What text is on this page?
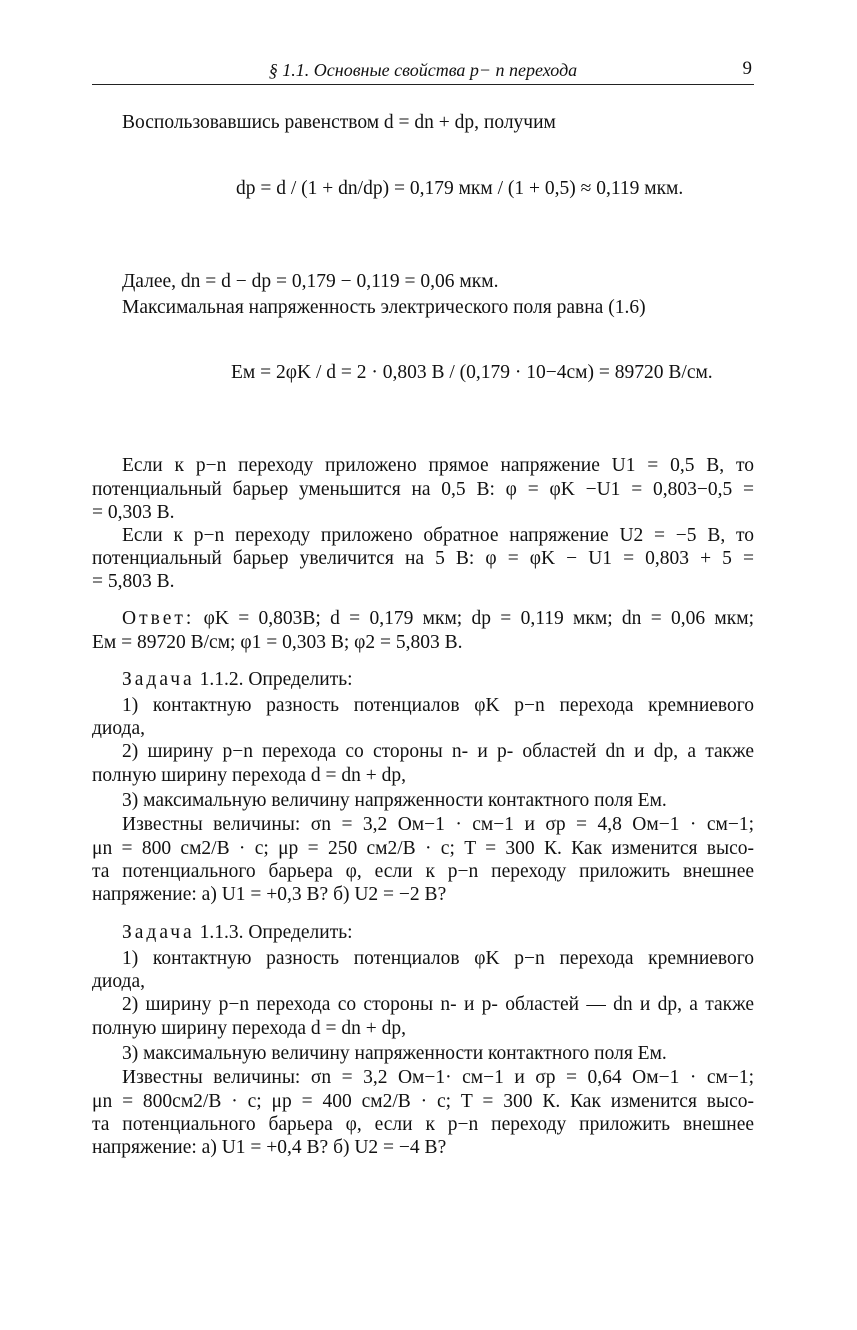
§ 1.1. Основные свойства p− n перехода	9
Воспользовавшись равенством d = dn + dp, получим
dp = d / (1 + dn/dp) = 0,179 мкм / (1 + 0,5) ≈ 0,119 мкм.
Далее, dn = d − dp = 0,179 − 0,119 = 0,06 мкм.
Максимальная напряженность электрического поля равна (1.6)
Eм = 2φK / d = 2 · 0,803 В / (0,179 · 10−4см) = 89720 В/см.
Если к p−n переходу приложено прямое напряжение U1 = 0,5 В, то
потенциальный барьер уменьшится на 0,5 В: φ = φK −U1 = 0,803−0,5 =
= 0,303 В.
Если к p−n переходу приложено обратное напряжение U2 = −5 В, то
потенциальный барьер увеличится на 5 В: φ = φK − U1 = 0,803 + 5 =
= 5,803 В.
Ответ: φK = 0,803В; d = 0,179 мкм; dp = 0,119 мкм; dn = 0,06 мкм;
Eм = 89720 В/см; φ1 = 0,303 В; φ2 = 5,803 В.
Задача 1.1.2. Определить:
1) контактную разность потенциалов φK p−n перехода кремниевого
диода,
2) ширину p−n перехода со стороны n- и p- областей dn и dp, а также
полную ширину перехода d = dn + dp,
3) максимальную величину напряженности контактного поля Eм.
Известны величины: σn = 3,2 Ом−1 · см−1 и σp = 4,8 Ом−1 · см−1;
μn = 800 см2/В · с; μp = 250 см2/В · с; T = 300 К. Как изменится высо-
та потенциального барьера φ, если к p−n переходу приложить внешнее
напряжение: а) U1 = +0,3 В? б) U2 = −2 В?
Задача 1.1.3. Определить:
1) контактную разность потенциалов φK p−n перехода кремниевого
диода,
2) ширину p−n перехода со стороны n- и p- областей — dn и dp, а также
полную ширину перехода d = dn + dp,
3) максимальную величину напряженности контактного поля Eм.
Известны величины: σn = 3,2 Ом−1· см−1 и σp = 0,64 Ом−1 · см−1;
μn = 800см2/В · с; μp = 400 см2/В · с; T = 300 К. Как изменится высо-
та потенциального барьера φ, если к p−n переходу приложить внешнее
напряжение: а) U1 = +0,4 В? б) U2 = −4 В?
